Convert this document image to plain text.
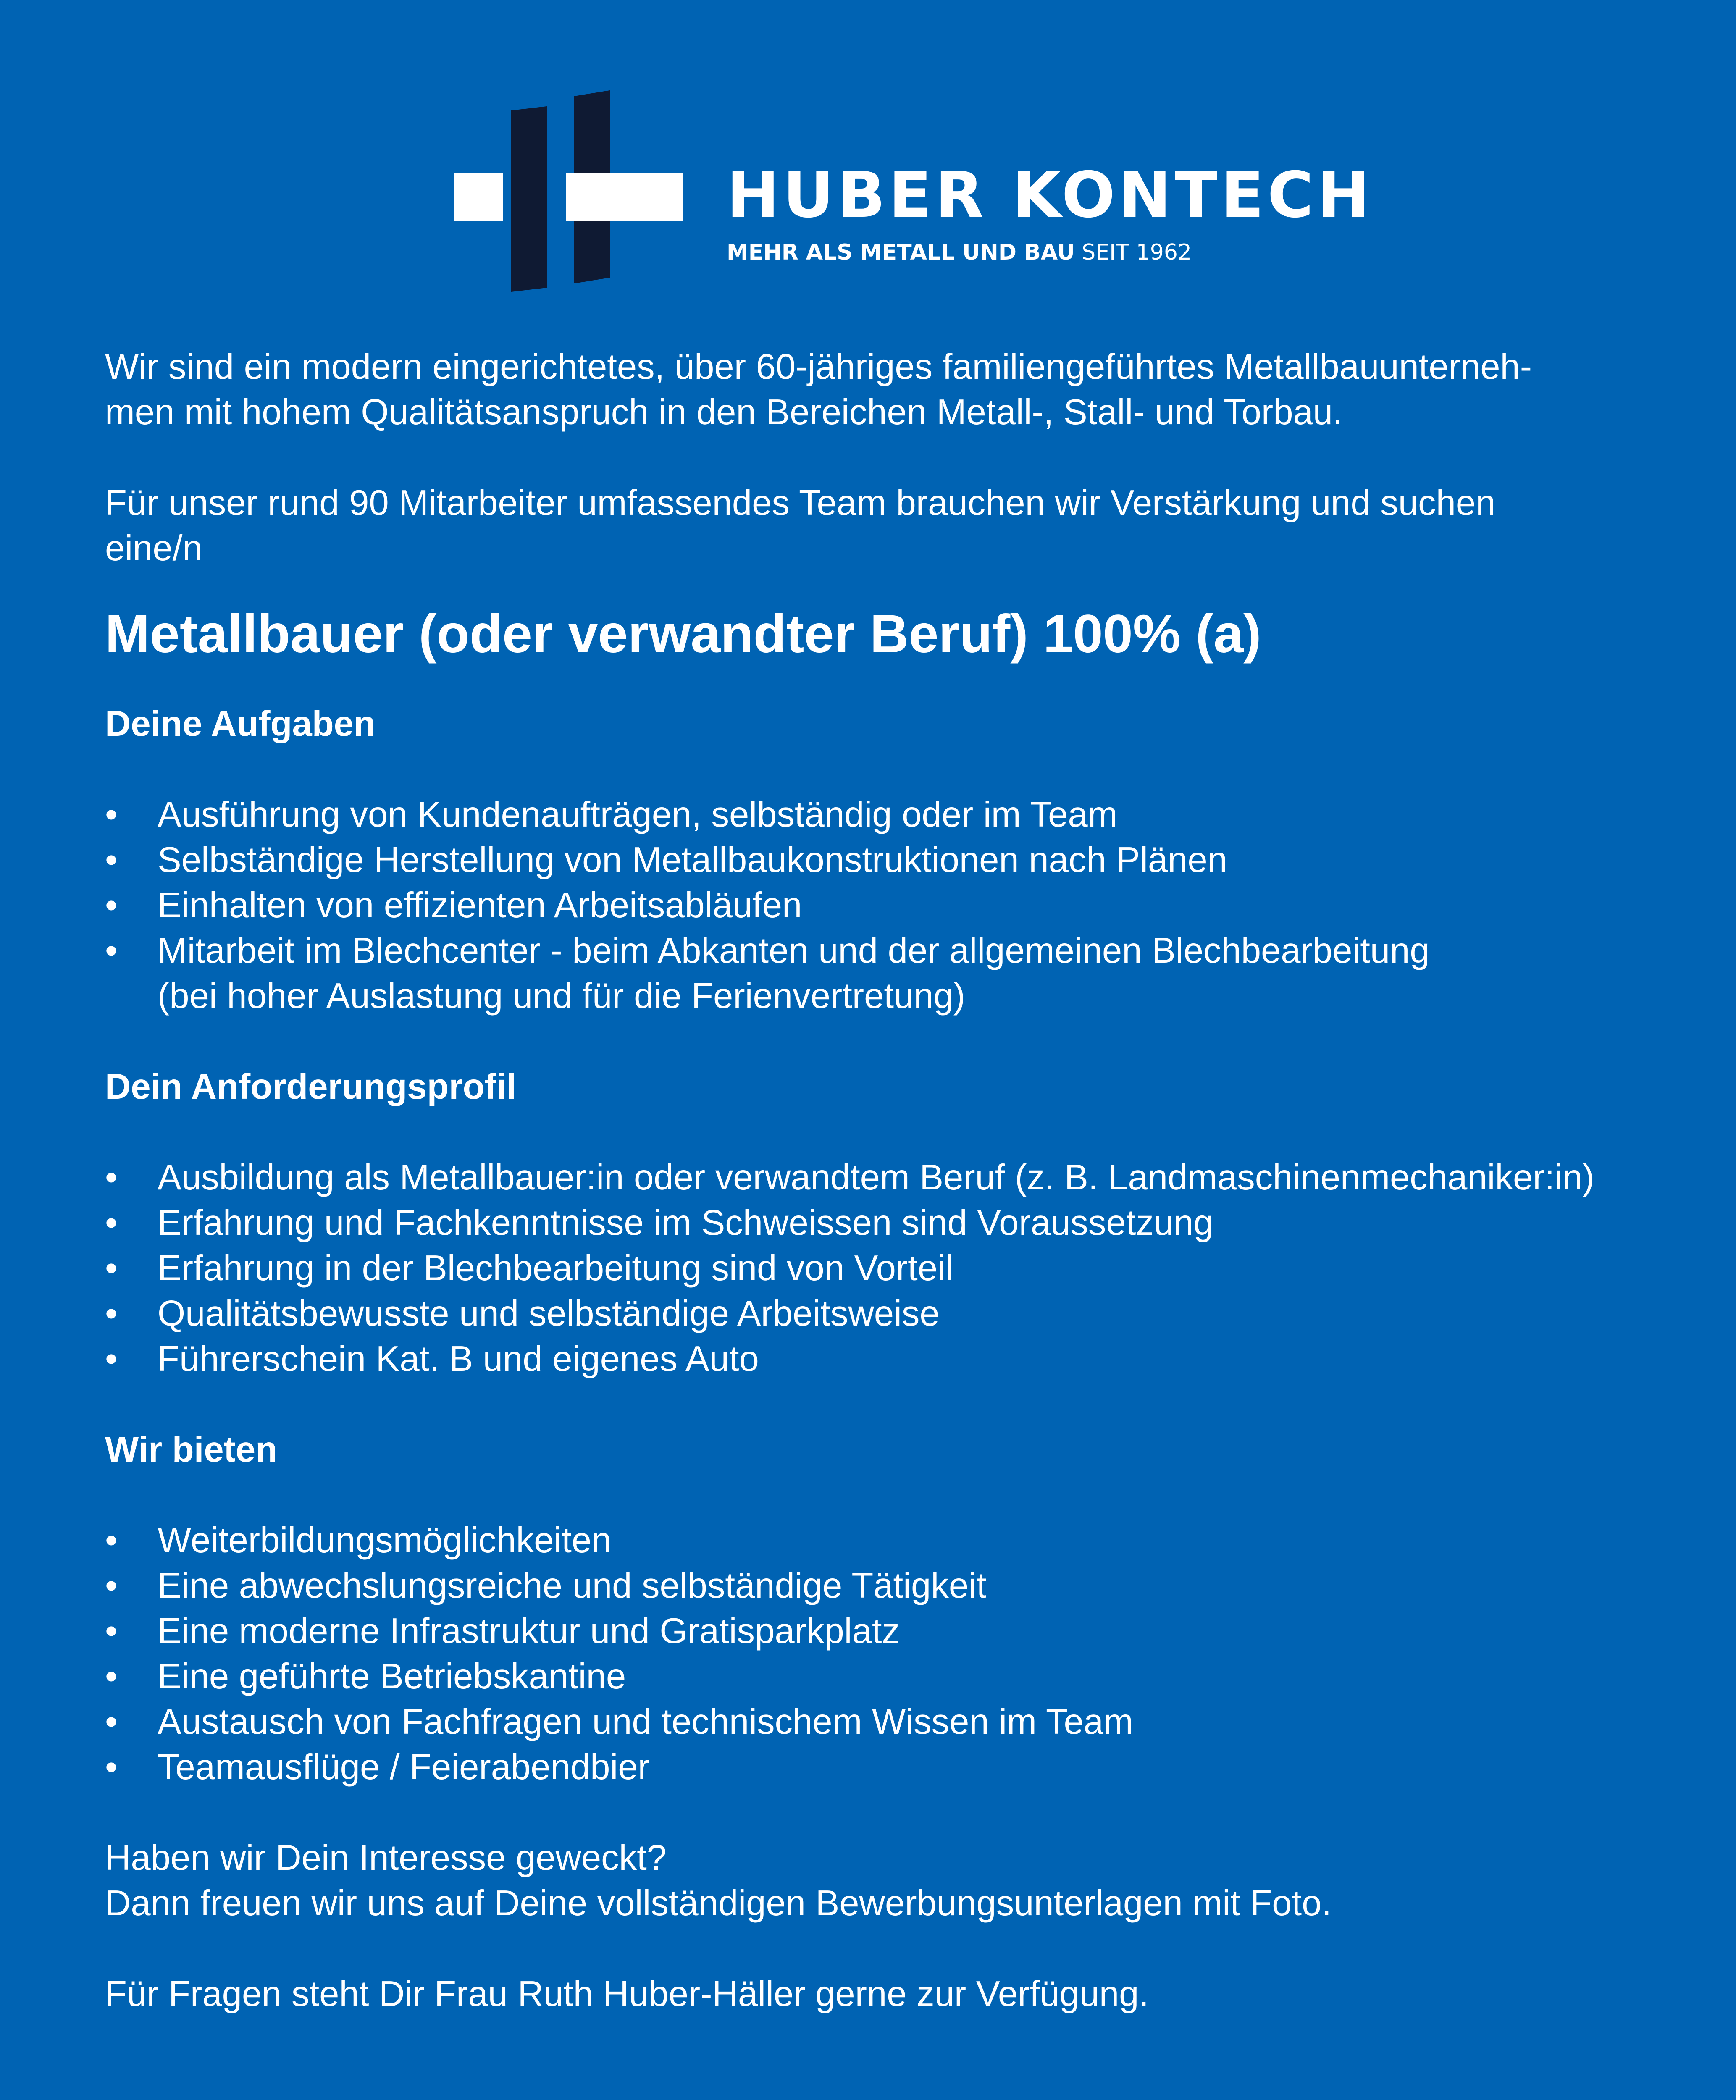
HUBER KONTECH
MEHR ALS METALL UND BAU SEIT 1962

Wir sind ein modern eingerichtetes, über 60-jähriges familiengeführtes Metallbauunterneh-
men mit hohem Qualitätsanspruch in den Bereichen Metall-, Stall- und Torbau.

Für unser rund 90 Mitarbeiter umfassendes Team brauchen wir Verstärkung und suchen
eine/n

Metallbauer (oder verwandter Beruf) 100% (a)
Deine Aufgaben
• Ausführung von Kundenaufträgen, selbständig oder im Team
• Selbständige Herstellung von Metallbaukonstruktionen nach Plänen
• Einhalten von effizienten Arbeitsabläufen
• Mitarbeit im Blechcenter - beim Abkanten und der allgemeinen Blechbearbeitung
(bei hoher Auslastung und für die Ferienvertretung)
Dein Anforderungsprofil
• Ausbildung als Metallbauer:in oder verwandtem Beruf (z. B. Landmaschinenmechaniker:in)
• Erfahrung und Fachkenntnisse im Schweissen sind Voraussetzung
• Erfahrung in der Blechbearbeitung sind von Vorteil
• Qualitätsbewusste und selbständige Arbeitsweise
• Führerschein Kat. B und eigenes Auto
Wir bieten
• Weiterbildungsmöglichkeiten
• Eine abwechslungsreiche und selbständige Tätigkeit
• Eine moderne Infrastruktur und Gratisparkplatz
• Eine geführte Betriebskantine
• Austausch von Fachfragen und technischem Wissen im Team
• Teamausflüge / Feierabendbier

Haben wir Dein Interesse geweckt?

Dann freuen wir uns auf Deine vollständigen Bewerbungsunterlagen mit Foto.

Für Fragen steht Dir Frau Ruth Huber-Häller gerne zur Verfügung.
